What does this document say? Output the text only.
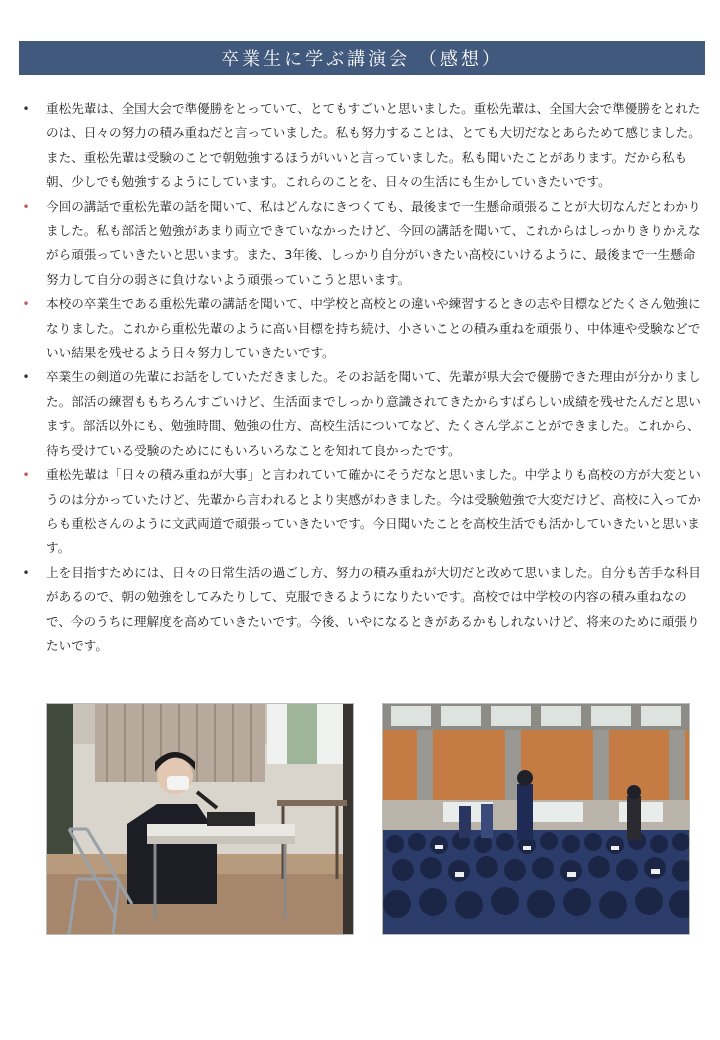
卒業生に学ぶ講演会 （感想）
• 重松先輩は、全国大会で準優勝をとっていて、とてもすごいと思いました。重松先輩は、全国大会で準優勝をとれたのは、日々の努力の積み重ねだと言っていました。私も努力することは、とても大切だなとあらためて感じました。また、重松先輩は受験のことで朝勉強するほうがいいと言っていました。私も聞いたことがあります。だから私も朝、少しでも勉強するようにしています。これらのことを、日々の生活にも生かしていきたいです。
• 今回の講話で重松先輩の話を聞いて、私はどんなにきつくても、最後まで一生懸命頑張ることが大切なんだとわかりました。私も部活と勉強があまり両立できていなかったけど、今回の講話を聞いて、これからはしっかりきりかえながら頑張っていきたいと思います。また、3年後、しっかり自分がいきたい高校にいけるように、最後まで一生懸命努力して自分の弱さに負けないよう頑張っていこうと思います。
• 本校の卒業生である重松先輩の講話を聞いて、中学校と高校との違いや練習するときの志や目標などたくさん勉強になりました。これから重松先輩のように高い目標を持ち続け、小さいことの積み重ねを頑張り、中体連や受験などでいい結果を残せるよう日々努力していきたいです。
• 卒業生の剣道の先輩にお話をしていただきました。そのお話を聞いて、先輩が県大会で優勝できた理由が分かりました。部活の練習ももちろんすごいけど、生活面までしっかり意識されてきたからすばらしい成績を残せたんだと思います。部活以外にも、勉強時間、勉強の仕方、高校生活についてなど、たくさん学ぶことができました。これから、待ち受けている受験のためににもいろいろなことを知れて良かったです。
• 重松先輩は「日々の積み重ねが大事」と言われていて確かにそうだなと思いました。中学よりも高校の方が大変というのは分かっていたけど、先輩から言われるとより実感がわきました。今は受験勉強で大変だけど、高校に入ってからも重松さんのように文武両道で頑張っていきたいです。今日聞いたことを高校生活でも活かしていきたいと思います。
• 上を目指すためには、日々の日常生活の過ごし方、努力の積み重ねが大切だと改めて思いました。自分も苦手な科目があるので、朝の勉強をしてみたりして、克服できるようになりたいです。高校では中学校の内容の積み重ねなので、今のうちに理解度を高めていきたいです。今後、いやになるときがあるかもしれないけど、将来のために頑張りたいです。
